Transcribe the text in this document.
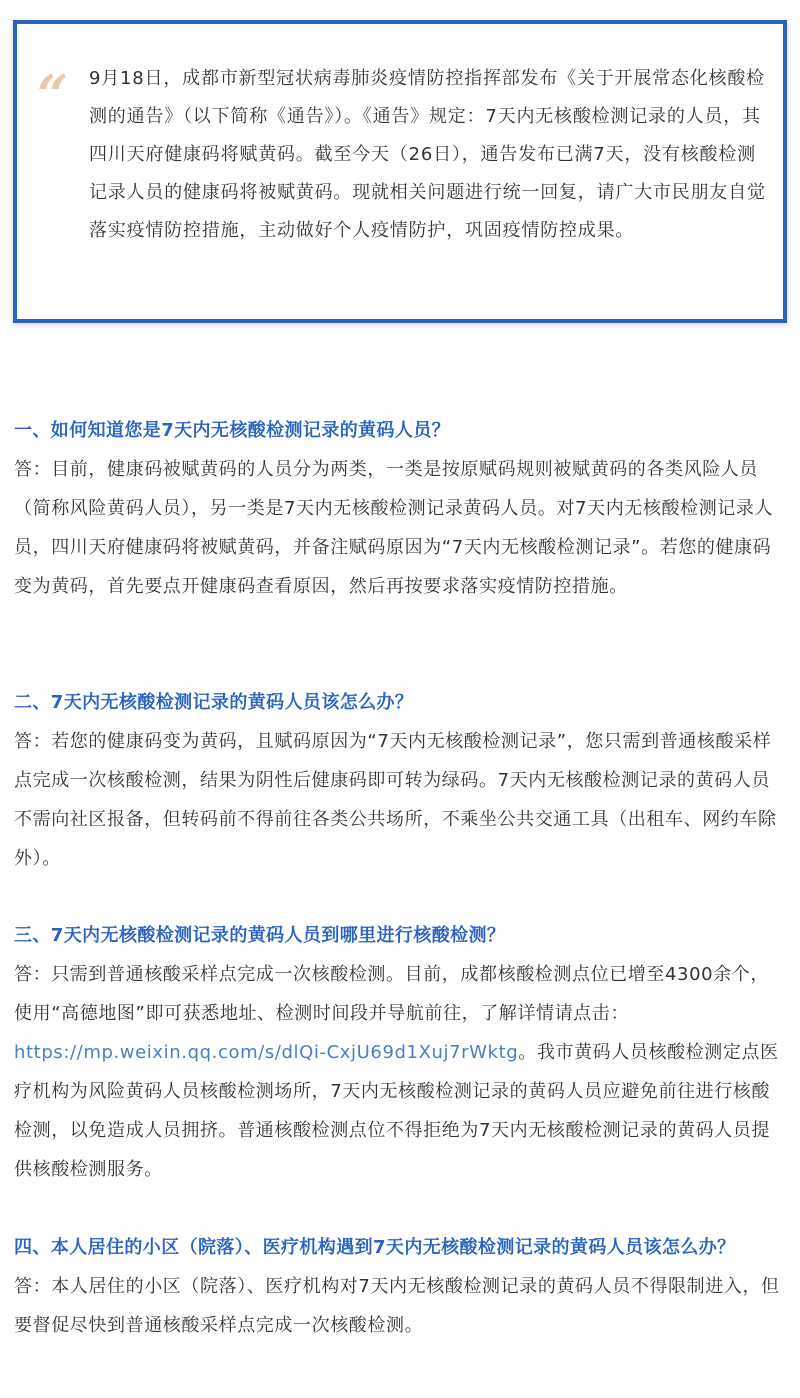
“ 9月18日，成都市新型冠状病毒肺炎疫情防控指挥部发布《关于开展常态化核酸检测的通告》（以下简称《通告》）。《通告》规定：7天内无核酸检测记录的人员，其四川天府健康码将赋黄码。截至今天（26日），通告发布已满7天，没有核酸检测记录人员的健康码将被赋黄码。现就相关问题进行统一回复，请广大市民朋友自觉落实疫情防控措施，主动做好个人疫情防护，巩固疫情防控成果。

一、如何知道您是7天内无核酸检测记录的黄码人员？

答：目前，健康码被赋黄码的人员分为两类，一类是按原赋码规则被赋黄码的各类风险人员（简称风险黄码人员），另一类是7天内无核酸检测记录黄码人员。对7天内无核酸检测记录人员，四川天府健康码将被赋黄码，并备注赋码原因为“7天内无核酸检测记录”。若您的健康码变为黄码，首先要点开健康码查看原因，然后再按要求落实疫情防控措施。

二、7天内无核酸检测记录的黄码人员该怎么办？

答：若您的健康码变为黄码，且赋码原因为“7天内无核酸检测记录”，您只需到普通核酸采样点完成一次核酸检测，结果为阴性后健康码即可转为绿码。7天内无核酸检测记录的黄码人员不需向社区报备，但转码前不得前往各类公共场所，不乘坐公共交通工具（出租车、网约车除外）。

三、7天内无核酸检测记录的黄码人员到哪里进行核酸检测？

答：只需到普通核酸采样点完成一次核酸检测。目前，成都核酸检测点位已增至4300余个，使用“高德地图”即可获悉地址、检测时间段并导航前往，了解详情请点击：https://mp.weixin.qq.com/s/dlQi-CxjU69d1Xuj7rWktg。我市黄码人员核酸检测定点医疗机构为风险黄码人员核酸检测场所，7天内无核酸检测记录的黄码人员应避免前往进行核酸检测，以免造成人员拥挤。普通核酸检测点位不得拒绝为7天内无核酸检测记录的黄码人员提供核酸检测服务。

四、本人居住的小区（院落）、医疗机构遇到7天内无核酸检测记录的黄码人员该怎么办？

答：本人居住的小区（院落）、医疗机构对7天内无核酸检测记录的黄码人员不得限制进入，但要督促尽快到普通核酸采样点完成一次核酸检测。
